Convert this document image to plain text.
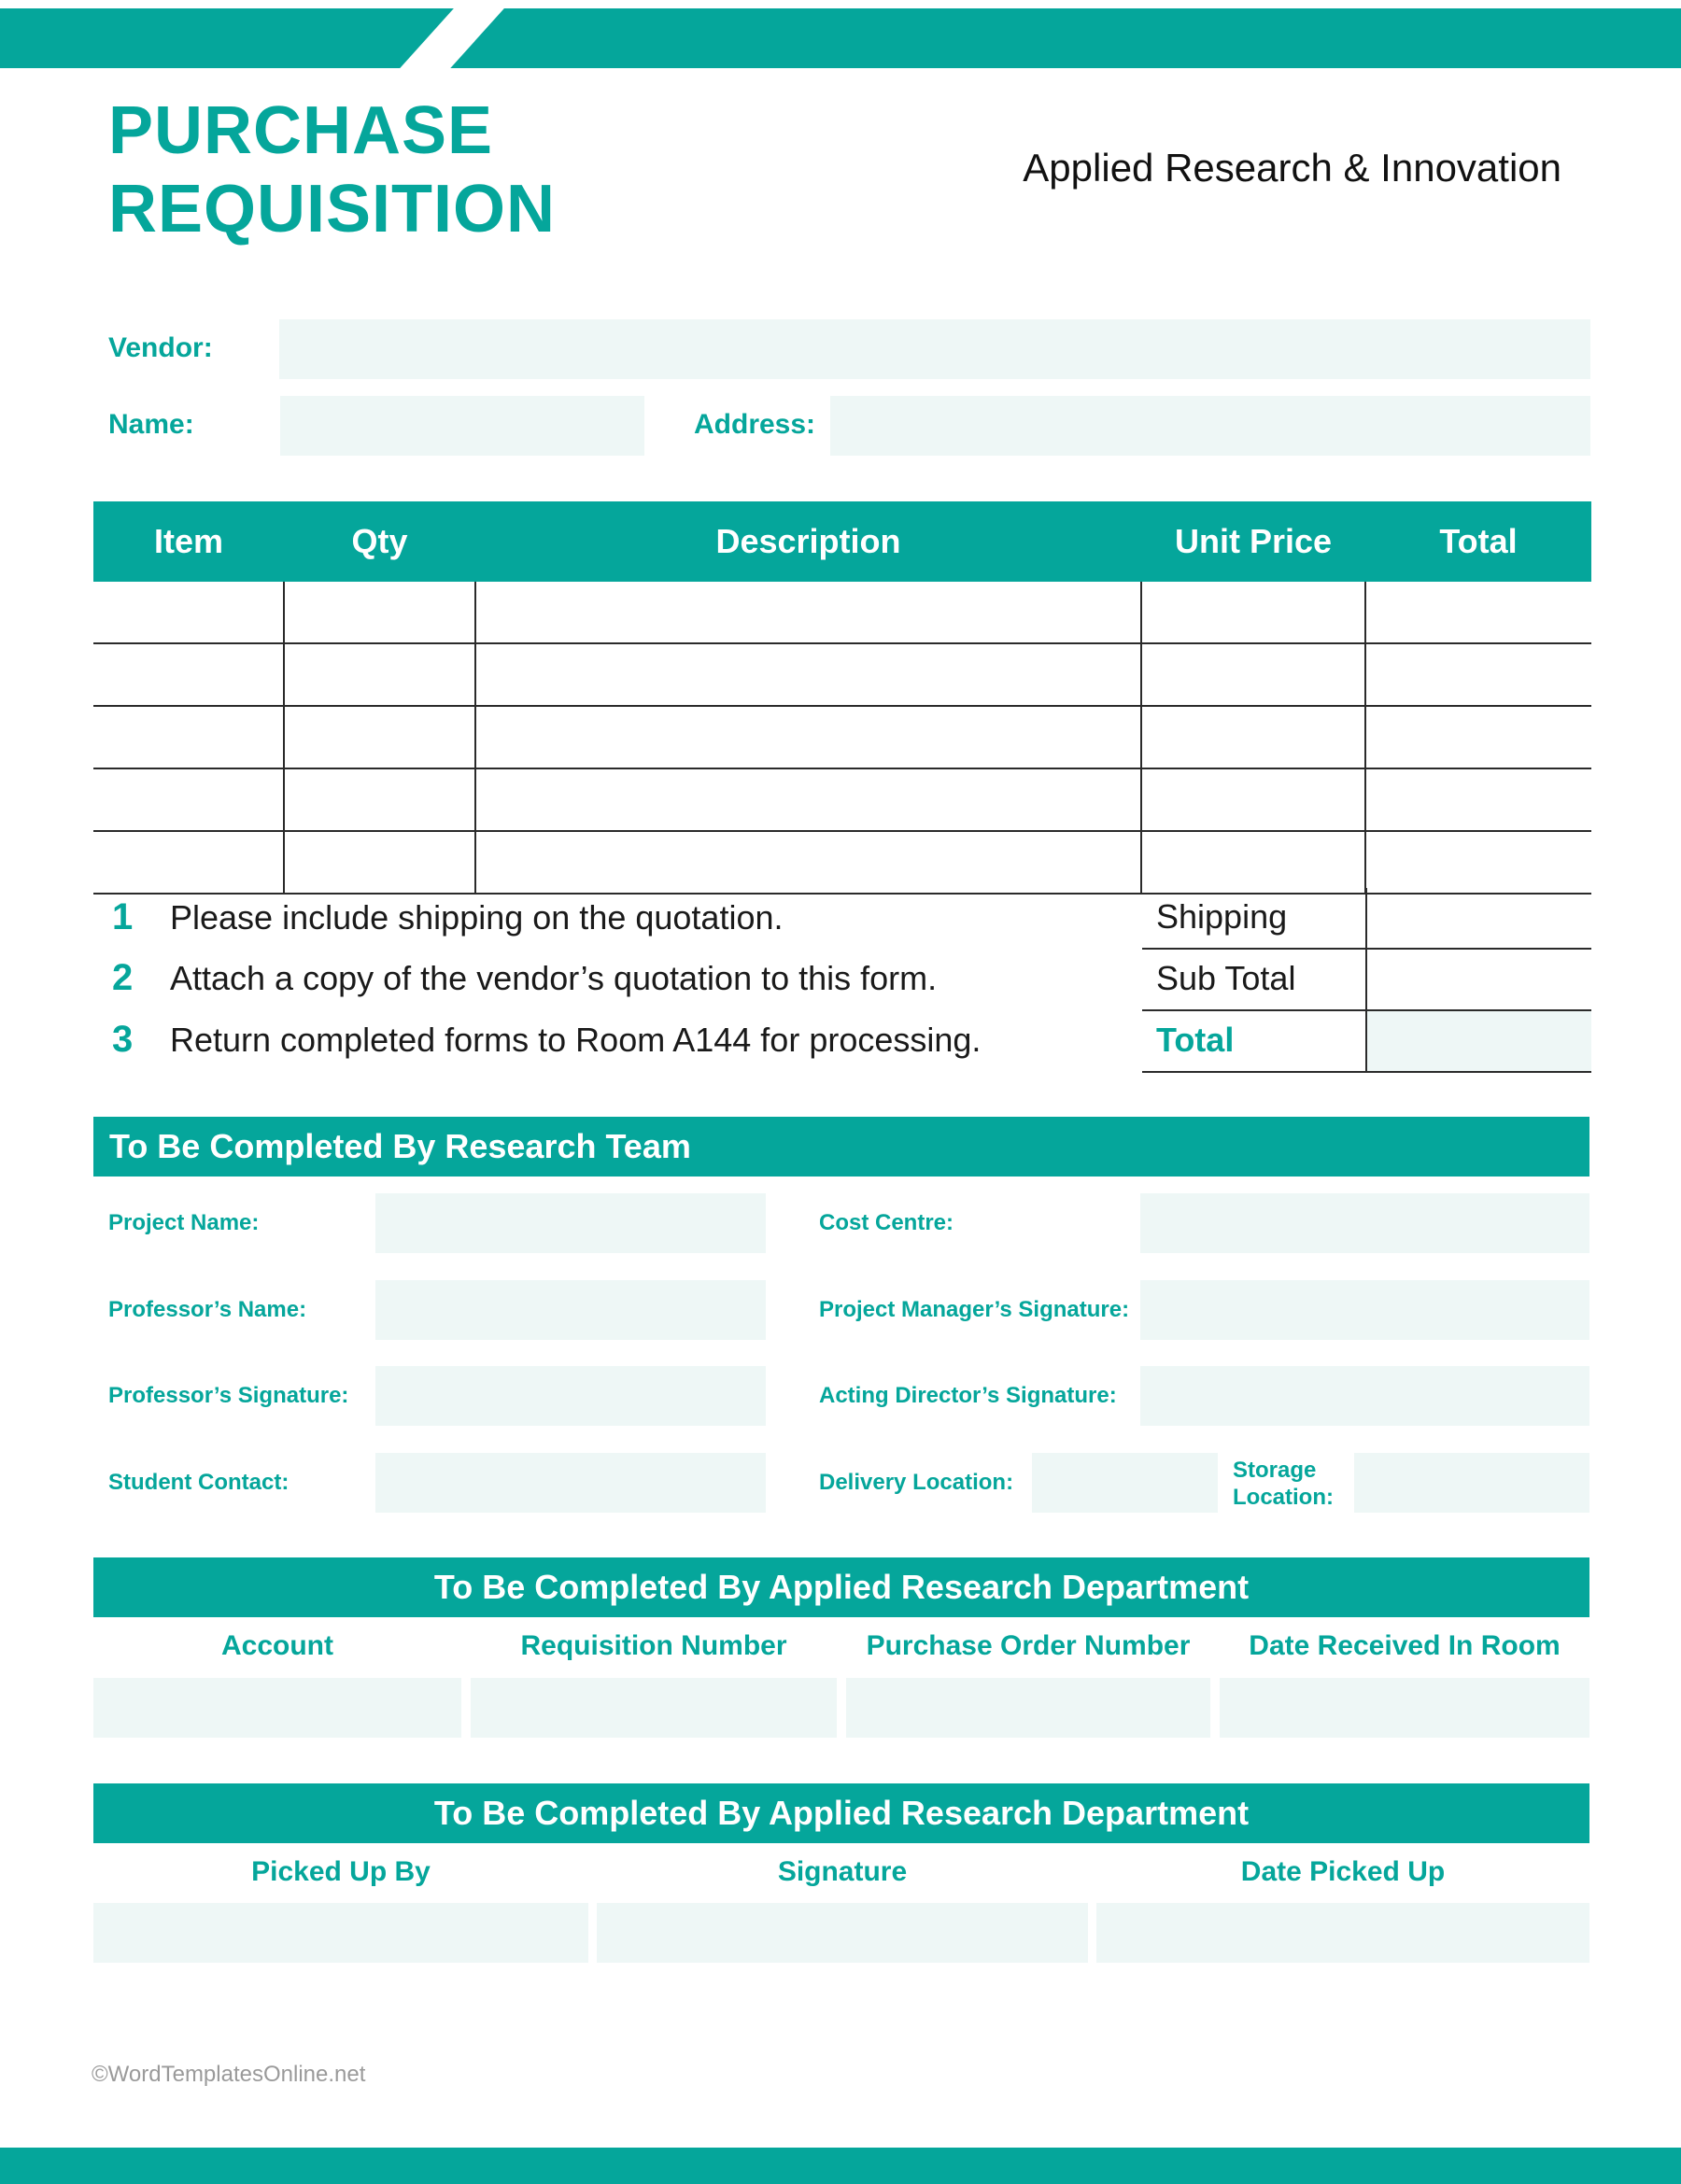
PURCHASE
REQUISITION
Applied Research & Innovation
Vendor:
Name:	Address:
Item	Qty	Description	Unit Price	Total

1 Please include shipping on the quotation.
2 Attach a copy of the vendor’s quotation to this form.
3 Return completed forms to Room A144 for processing.
Shipping
Sub Total
Total
To Be Completed By Research Team
Project Name:	Cost Centre:
Professor’s Name:	Project Manager’s Signature:
Professor’s Signature:	Acting Director’s Signature:
Student Contact:	Delivery Location:	Storage
Location:
To Be Completed By Applied Research Department
Account	Requisition Number	Purchase Order Number	Date Received In Room
To Be Completed By Applied Research Department
Picked Up By	Signature	Date Picked Up
©WordTemplatesOnline.net
